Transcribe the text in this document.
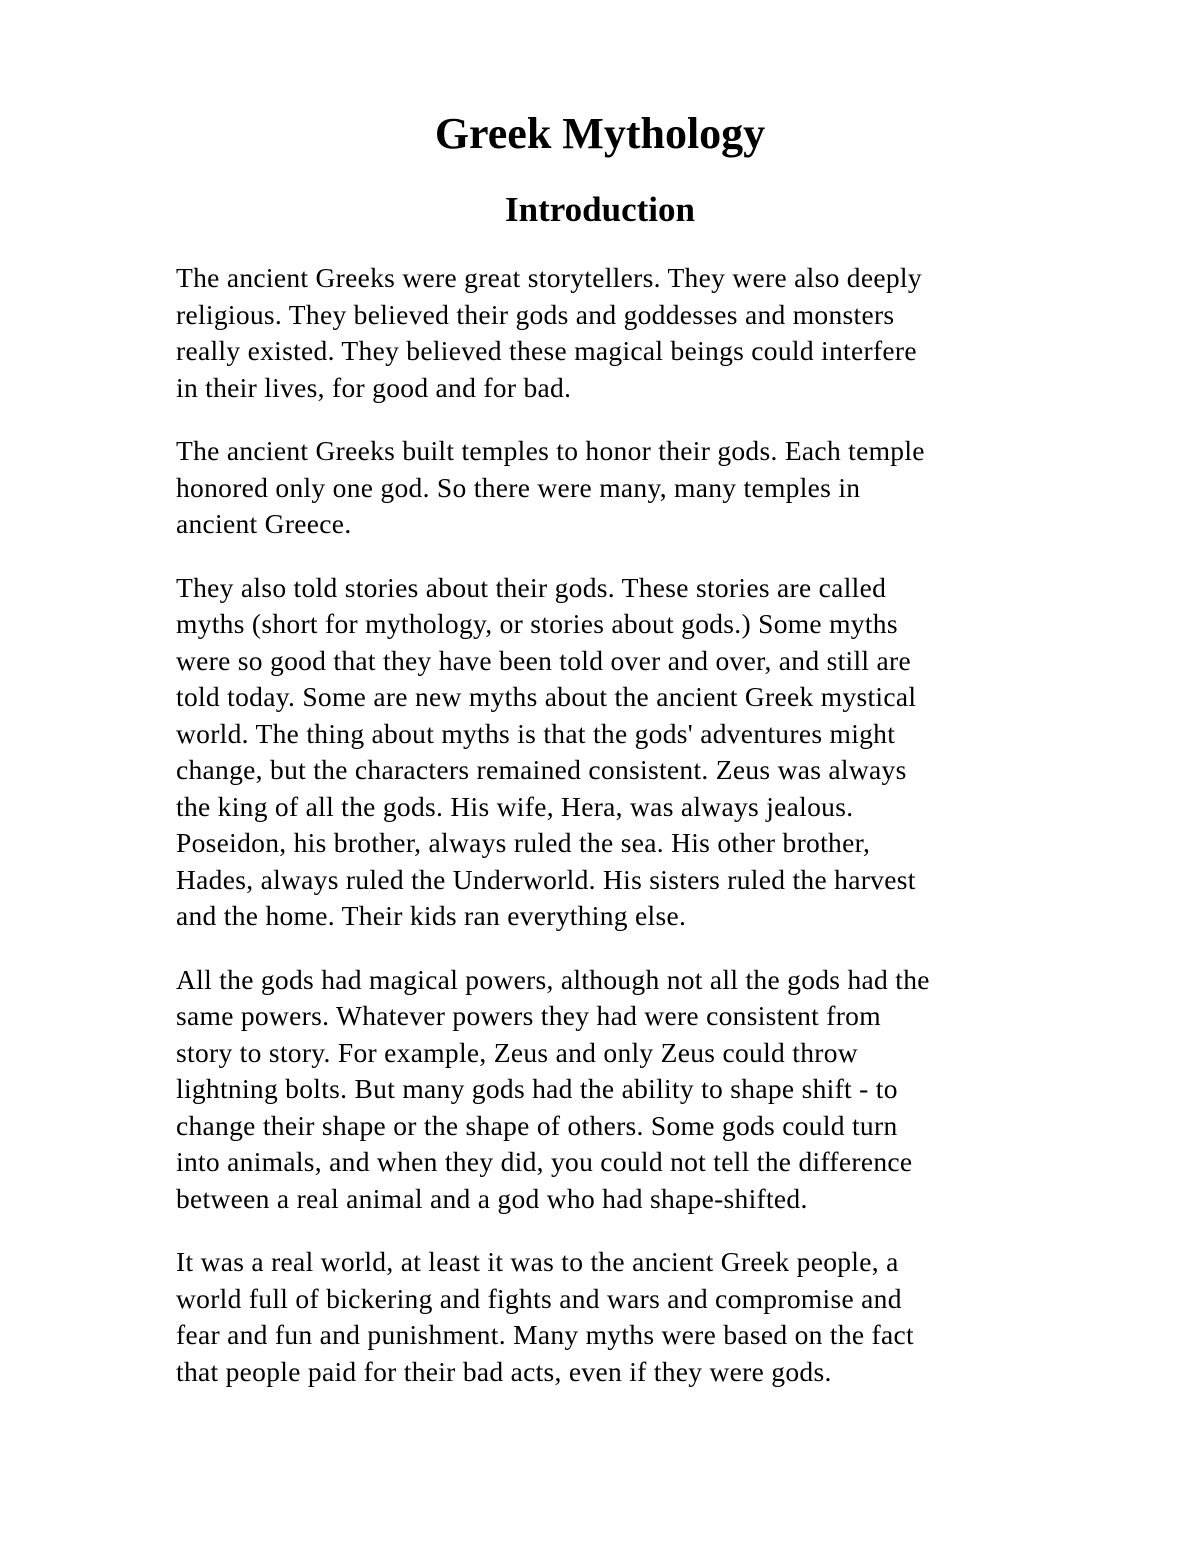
Greek Mythology
Introduction

The ancient Greeks were great storytellers. They were also deeply
religious. They believed their gods and goddesses and monsters
really existed. They believed these magical beings could interfere
in their lives, for good and for bad.

The ancient Greeks built temples to honor their gods. Each temple
honored only one god. So there were many, many temples in
ancient Greece.

They also told stories about their gods. These stories are called
myths (short for mythology, or stories about gods.) Some myths
were so good that they have been told over and over, and still are
told today. Some are new myths about the ancient Greek mystical
world. The thing about myths is that the gods' adventures might
change, but the characters remained consistent. Zeus was always
the king of all the gods. His wife, Hera, was always jealous.
Poseidon, his brother, always ruled the sea. His other brother,
Hades, always ruled the Underworld. His sisters ruled the harvest
and the home. Their kids ran everything else.

All the gods had magical powers, although not all the gods had the
same powers. Whatever powers they had were consistent from
story to story. For example, Zeus and only Zeus could throw
lightning bolts. But many gods had the ability to shape shift - to
change their shape or the shape of others. Some gods could turn
into animals, and when they did, you could not tell the difference
between a real animal and a god who had shape-shifted.

It was a real world, at least it was to the ancient Greek people, a
world full of bickering and fights and wars and compromise and
fear and fun and punishment. Many myths were based on the fact
that people paid for their bad acts, even if they were gods.
